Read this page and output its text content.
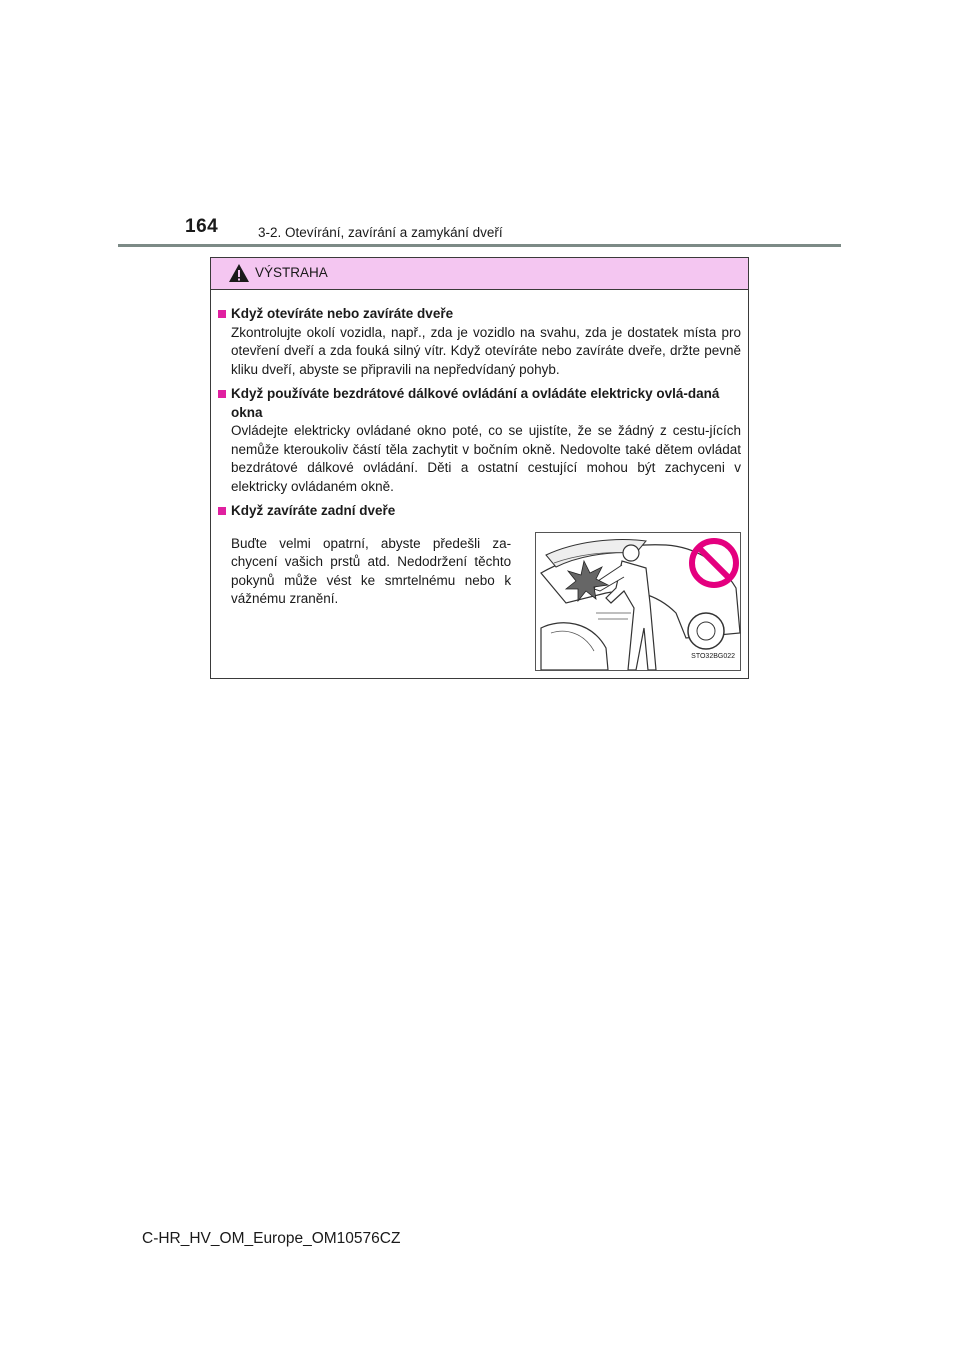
164	3-2. Otevírání, zavírání a zamykání dveří
VÝSTRAHA
Když otevíráte nebo zavíráte dveře
Zkontrolujte okolí vozidla, např., zda je vozidlo na svahu, zda je dostatek místa pro otevření dveří a zda fouká silný vítr. Když otevíráte nebo zavíráte dveře, držte pevně kliku dveří, abyste se připravili na nepředvídaný pohyb.
Když používáte bezdrátové dálkové ovládání a ovládáte elektricky ovlá-daná okna
Ovládejte elektricky ovládané okno poté, co se ujistíte, že se žádný z cestu-jících nemůže kteroukoliv částí těla zachytit v bočním okně. Nedovolte také dětem ovládat bezdrátové dálkové ovládání. Děti a ostatní cestující mohou být zachyceni v elektricky ovládaném okně.
Když zavíráte zadní dveře
Buďte velmi opatrní, abyste předešli za-chycení vašich prstů atd. Nedodržení těchto pokynů může vést ke smrtelnému nebo k vážnému zranění.
STO32BG022
C-HR_HV_OM_Europe_OM10576CZ
